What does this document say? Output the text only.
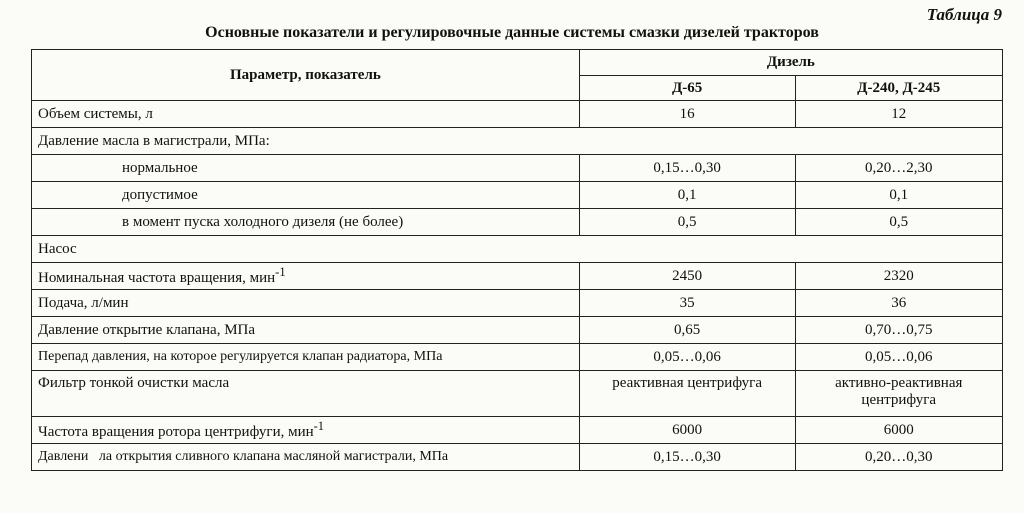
Таблица 9
Основные показатели и регулировочные данные системы смазки дизелей тракторов
Параметр, показатель	Дизель	
	Д-65	Д-240, Д-245
Объем системы, л	16	12
Давление масла в магистрали, МПа:		
нормальное	0,15…0,30	0,20…2,30
допустимое	0,1	0,1
в момент пуска холодного дизеля (не более)	0,5	0,5
Насос		
Номинальная частота вращения, мин$^{-1}$	2450	2320
Подача, л/мин	35	36
Давление открытие клапана, МПа	0,65	0,70…0,75
Перепад давления, на которое регулируется клапан радиатора, МПа	0,05…0,06	0,05…0,06
Фильтр тонкой очистки масла	реактивная центрифуга	активно-реактивная центрифуга
Частота вращения ротора центрифуги, мин$^{-1}$	6000	6000
Давлени   ла открытия сливного клапана масляной магистрали, МПа	0,15…0,30	0,20…0,30
